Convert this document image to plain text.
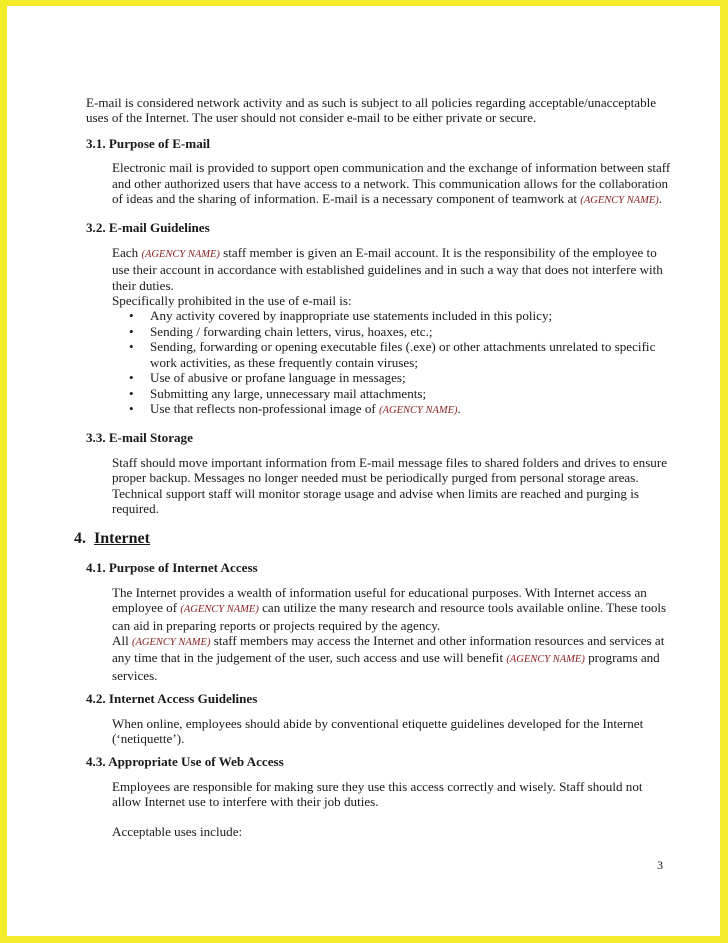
E-mail is considered network activity and as such is subject to all policies regarding acceptable/unacceptable uses of the Internet. The user should not consider e-mail to be either private or secure.

3.1. Purpose of E-mail

Electronic mail is provided to support open communication and the exchange of information between staff and other authorized users that have access to a network. This communication allows for the collaboration of ideas and the sharing of information. E-mail is a necessary component of teamwork at (AGENCY NAME).

3.2. E-mail Guidelines

Each (AGENCY NAME) staff member is given an E-mail account. It is the responsibility of the employee to use their account in accordance with established guidelines and in such a way that does not interfere with their duties.

Specifically prohibited in the use of e-mail is:

• Any activity covered by inappropriate use statements included in this policy;
• Sending / forwarding chain letters, virus, hoaxes, etc.;
• Sending, forwarding or opening executable files (.exe) or other attachments unrelated to specific work activities, as these frequently contain viruses;
• Use of abusive or profane language in messages;
• Submitting any large, unnecessary mail attachments;
• Use that reflects non-professional image of (AGENCY NAME).
3.3. E-mail Storage

Staff should move important information from E-mail message files to shared folders and drives to ensure proper backup. Messages no longer needed must be periodically purged from personal storage areas. Technical support staff will monitor storage usage and advise when limits are reached and purging is required.

4. Internet
4.1. Purpose of Internet Access

The Internet provides a wealth of information useful for educational purposes. With Internet access an employee of (AGENCY NAME) can utilize the many research and resource tools available online. These tools can aid in preparing reports or projects required by the agency.

All (AGENCY NAME) staff members may access the Internet and other information resources and services at any time that in the judgement of the user, such access and use will benefit (AGENCY NAME) programs and services.

4.2. Internet Access Guidelines

When online, employees should abide by conventional etiquette guidelines developed for the Internet (‘netiquette’).

4.3. Appropriate Use of Web Access

Employees are responsible for making sure they use this access correctly and wisely. Staff should not allow Internet use to interfere with their job duties.

Acceptable uses include:

3
